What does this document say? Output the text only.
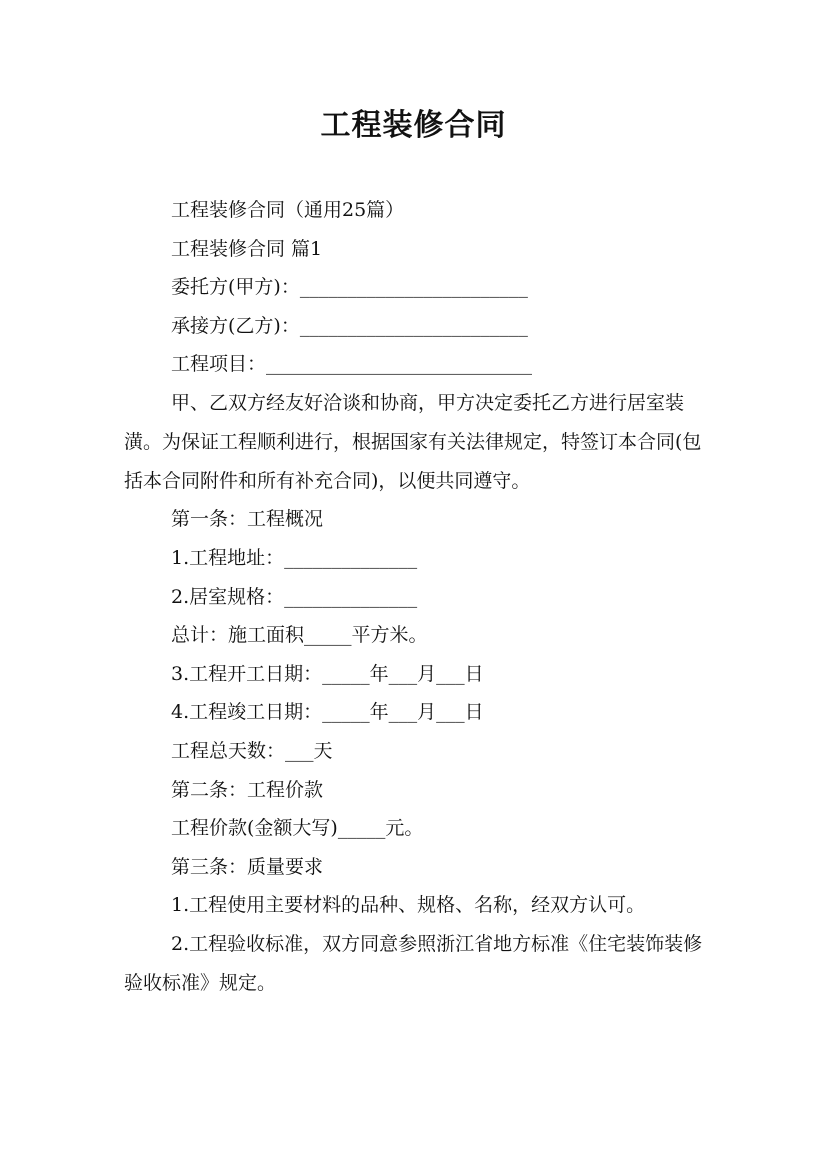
工程装修合同

工程装修合同（通用25篇）

工程装修合同 篇1

委托方(甲方)：________________________

承接方(乙方)：________________________

工程项目：____________________________

甲、乙双方经友好洽谈和协商，甲方决定委托乙方进行居室装潢。为保证工程顺利进行，根据国家有关法律规定，特签订本合同(包括本合同附件和所有补充合同)，以便共同遵守。

第一条：工程概况

1.工程地址：______________

2.居室规格：______________

总计：施工面积_____平方米。

3.工程开工日期：_____年___月___日

4.工程竣工日期：_____年___月___日

工程总天数：___天

第二条：工程价款

工程价款(金额大写)_____元。

第三条：质量要求

1.工程使用主要材料的品种、规格、名称，经双方认可。

2.工程验收标准，双方同意参照浙江省地方标准《住宅装饰装修验收标准》规定。
